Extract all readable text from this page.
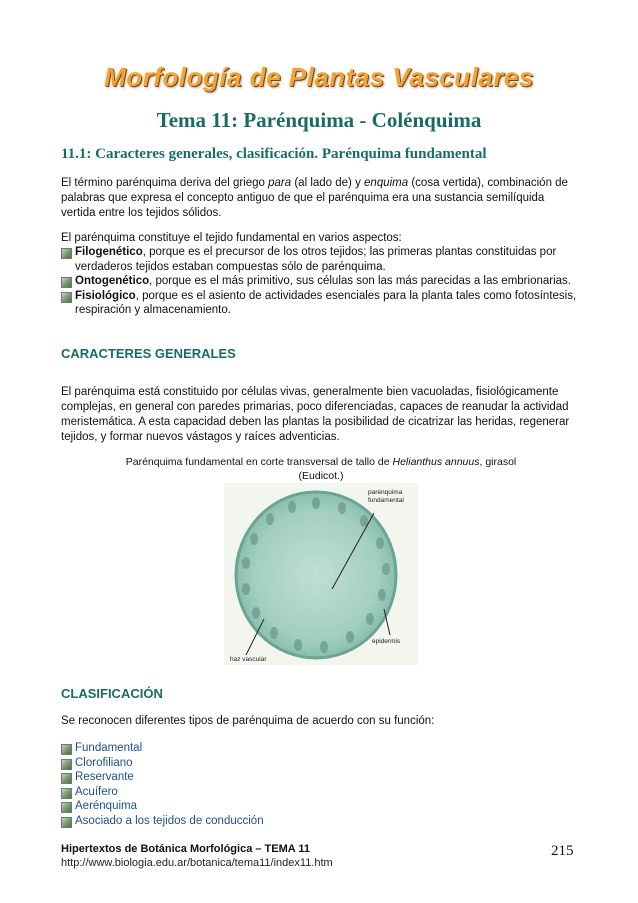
Morfología de Plantas Vasculares
Tema 11: Parénquima - Colénquima
11.1: Caracteres generales, clasificación. Parénquima fundamental
El término parénquima deriva del griego para (al lado de) y enquima (cosa vertida), combinación de palabras que expresa el concepto antiguo de que el parénquima era una sustancia semilíquida vertida entre los tejidos sólidos.
El parénquima constituye el tejido fundamental en varios aspectos:
Filogenético, porque es el precursor de los otros tejidos; las primeras plantas constituidas por verdaderos tejidos estaban compuestas sólo de parénquima.
Ontogenético, porque es el más primitivo, sus células son las más parecidas a las embrionarias.
Fisiológico, porque es el asiento de actividades esenciales para la planta tales como fotosíntesis, respiración y almacenamiento.
CARACTERES GENERALES
El parénquima está constituido por células vivas, generalmente bien vacuoladas, fisiológicamente complejas, en general con paredes primarias, poco diferenciadas, capaces de reanudar la actividad meristemática. A esta capacidad deben las plantas la posibilidad de cicatrizar las heridas, regenerar tejidos, y formar nuevos vástagos y raíces adventicias.
Parénquima fundamental en corte transversal de tallo de Helianthus annuus, girasol
(Eudicot.)
parénquima
fundamental
epidermis
haz vascular
CLASIFICACIÓN
Se reconocen diferentes tipos de parénquima de acuerdo con su función:
Fundamental
Clorofiliano
Reservante
Acuífero
Aerénquima
Asociado a los tejidos de conducción
Hipertextos de Botánica Morfológica – TEMA 11
http://www.biologia.edu.ar/botanica/tema11/index11.htm
215
